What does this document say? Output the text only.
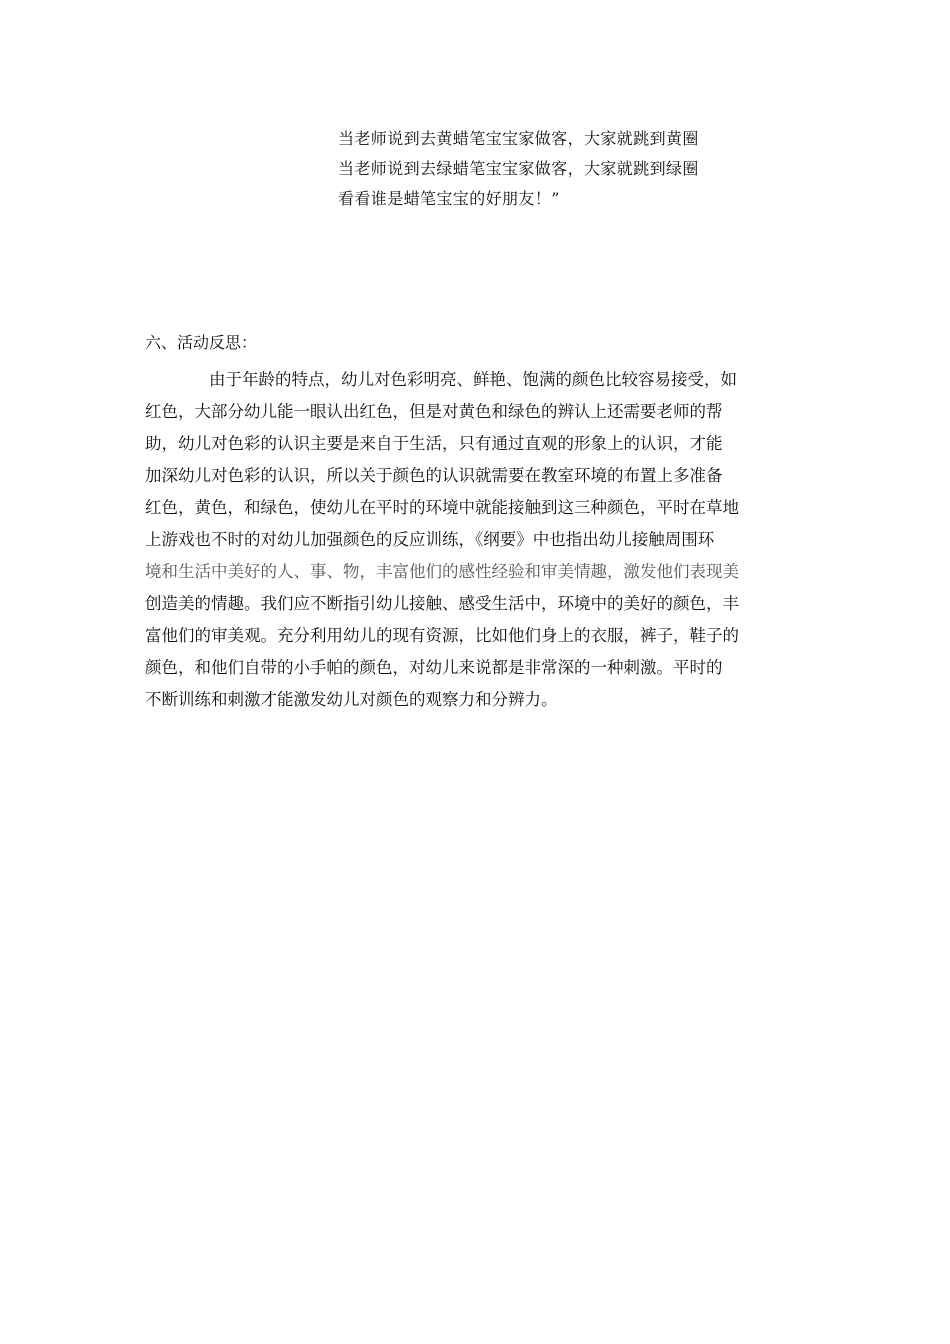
当老师说到去黄蜡笔宝宝家做客，大家就跳到黄圈
当老师说到去绿蜡笔宝宝家做客，大家就跳到绿圈
看看谁是蜡笔宝宝的好朋友！”
六、活动反思：
由于年龄的特点，幼儿对色彩明亮、鲜艳、饱满的颜色比较容易接受，如
红色，大部分幼儿能一眼认出红色，但是对黄色和绿色的辨认上还需要老师的帮
助，幼儿对色彩的认识主要是来自于生活，只有通过直观的形象上的认识，才能
加深幼儿对色彩的认识，所以关于颜色的认识就需要在教室环境的布置上多准备
红色，黄色，和绿色，使幼儿在平时的环境中就能接触到这三种颜色，平时在草地
上游戏也不时的对幼儿加强颜色的反应训练，《纲要》中也指出幼儿接触周围环
境和生活中美好的人、事、物，丰富他们的感性经验和审美情趣，激发他们表现美
创造美的情趣。我们应不断指引幼儿接触、感受生活中，环境中的美好的颜色，丰
富他们的审美观。充分利用幼儿的现有资源，比如他们身上的衣服，裤子，鞋子的
颜色，和他们自带的小手帕的颜色，对幼儿来说都是非常深的一种刺激。平时的
不断训练和刺激才能激发幼儿对颜色的观察力和分辨力。
